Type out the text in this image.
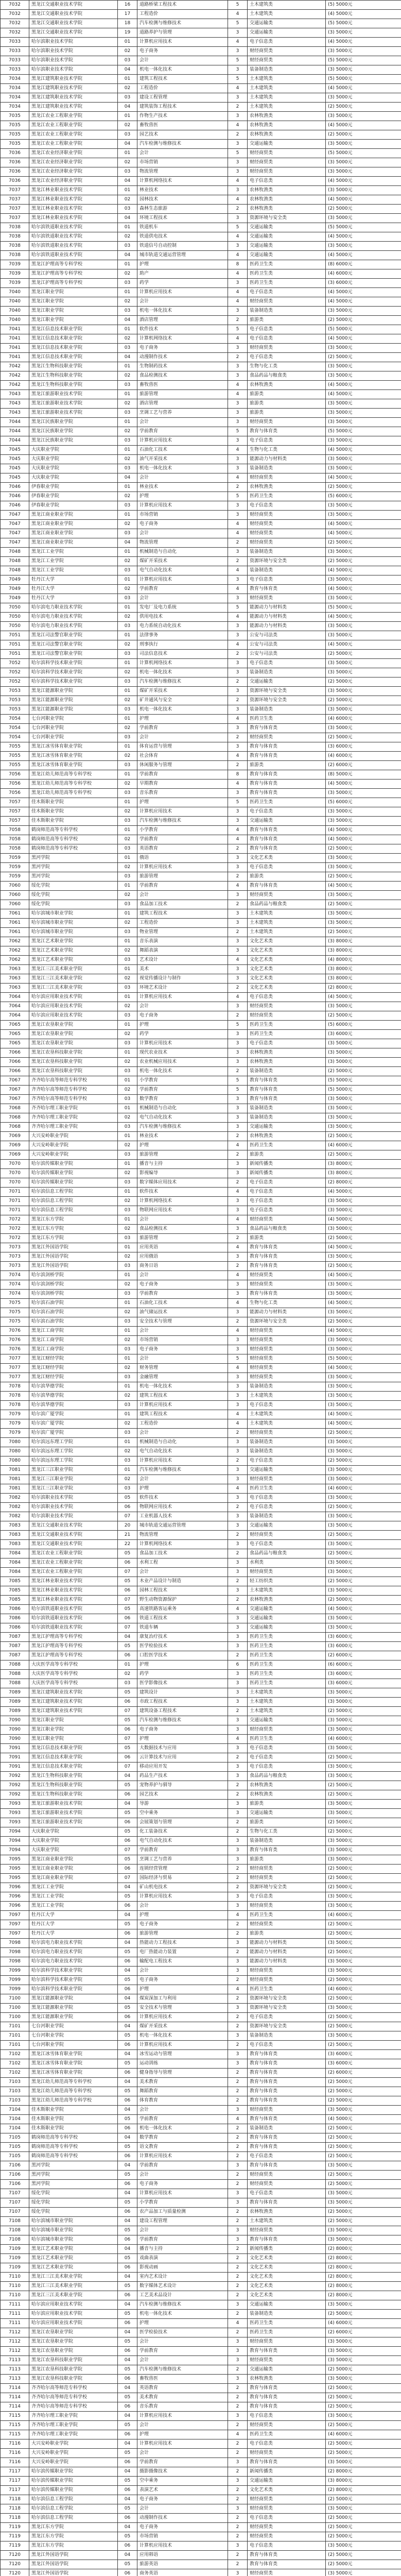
7032	黑龙江交通职业技术学院	16	道路桥梁工程技术	5	土木建筑类	(5) 5000元
7032	黑龙江交通职业技术学院	17	工程造价	4	土木建筑类	(4) 5000元
7032	黑龙江交通职业技术学院	18	汽车检测与维修技术	5	交通运输类	(5) 5000元
7032	黑龙江交通职业技术学院	19	道路养护与管理	3	交通运输类	(3) 5000元
7033	哈尔滨职业技术学院	01	计算机应用技术	4	电子信息类	(4) 5000元
7033	哈尔滨职业技术学院	02	电子商务	3	财经商贸类	(3) 5000元
7033	哈尔滨职业技术学院	03	会计	5	财经商贸类	(5) 5000元
7033	哈尔滨职业技术学院	04	机电一体化技术	3	装备制造类	(3) 5000元
7034	黑龙江建筑职业技术学院	01	建筑工程技术	5	土木建筑类	(5) 5000元
7034	黑龙江建筑职业技术学院	02	工程造价	4	土木建筑类	(4) 5000元
7034	黑龙江建筑职业技术学院	03	建设工程管理	3	土木建筑类	(3) 5000元
7034	黑龙江建筑职业技术学院	04	建筑装饰工程技术	2	土木建筑类	(2) 5000元
7035	黑龙江农业工程职业学院	01	作物生产技术	3	农林牧渔类	(3) 5000元
7035	黑龙江农业工程职业学院	02	畜牧兽医	4	农林牧渔类	(4) 5000元
7035	黑龙江农业工程职业学院	03	园艺技术	2	农林牧渔类	(2) 5000元
7035	黑龙江农业工程职业学院	04	汽车检测与维修技术	3	交通运输类	(3) 5000元
7036	黑龙江农业经济职业学院	01	会计	5	财经商贸类	(5) 5000元
7036	黑龙江农业经济职业学院	02	市场营销	3	财经商贸类	(3) 5000元
7036	黑龙江农业经济职业学院	03	物流管理	3	财经商贸类	(3) 5000元
7036	黑龙江农业经济职业学院	04	计算机网络技术	4	电子信息类	(4) 5000元
7037	黑龙江林业职业技术学院	01	林业技术	3	农林牧渔类	(3) 5000元
7037	黑龙江林业职业技术学院	02	园林技术	4	农林牧渔类	(4) 5000元
7037	黑龙江林业职业技术学院	03	森林生态旅游	2	农林牧渔类	(2) 5000元
7037	黑龙江林业职业技术学院	04	环境工程技术	3	资源环境与安全类	(3) 5000元
7038	哈尔滨铁道职业技术学院	01	铁道机车	5	交通运输类	(5) 5000元
7038	哈尔滨铁道职业技术学院	02	铁道供电技术	4	交通运输类	(4) 5000元
7038	哈尔滨铁道职业技术学院	03	铁道信号自动控制	3	交通运输类	(3) 5000元
7038	哈尔滨铁道职业技术学院	04	城市轨道交通运营管理	4	交通运输类	(4) 5000元
7039	黑龙江护理高等专科学校	01	护理	8	医药卫生类	(8) 6000元
7039	黑龙江护理高等专科学校	02	助产	4	医药卫生类	(4) 6000元
7039	黑龙江护理高等专科学校	03	药学	3	医药卫生类	(3) 6000元
7040	黑龙江职业学院	01	计算机应用技术	4	电子信息类	(4) 5000元
7040	黑龙江职业学院	02	会计	4	财经商贸类	(4) 5000元
7040	黑龙江职业学院	03	机电一体化技术	3	装备制造类	(3) 5000元
7040	黑龙江职业学院	04	酒店管理	2	旅游类	(2) 5000元
7041	黑龙江信息技术职业学院	01	软件技术	5	电子信息类	(5) 5000元
7041	黑龙江信息技术职业学院	02	计算机网络技术	4	电子信息类	(4) 5000元
7041	黑龙江信息技术职业学院	03	电子商务	3	财经商贸类	(3) 5000元
7041	黑龙江信息技术职业学院	04	动漫制作技术	2	电子信息类	(2) 5000元
7042	黑龙江生物科技职业学院	01	生物制药技术	3	生物与化工类	(3) 5000元
7042	黑龙江生物科技职业学院	02	食品检测技术	3	食品药品与粮食类	(3) 5000元
7042	黑龙江生物科技职业学院	03	畜牧兽医	4	农林牧渔类	(4) 5000元
7043	黑龙江旅游职业技术学院	01	旅游管理	4	旅游类	(4) 5000元
7043	黑龙江旅游职业技术学院	02	酒店管理	3	旅游类	(3) 5000元
7043	黑龙江旅游职业技术学院	03	烹调工艺与营养	3	旅游类	(3) 5000元
7044	黑龙江民族职业学院	01	会计	3	财经商贸类	(3) 5000元
7044	黑龙江民族职业学院	02	学前教育	5	教育与体育类	(5) 5000元
7044	黑龙江民族职业学院	03	计算机应用技术	3	电子信息类	(3) 5000元
7045	大庆职业学院	01	石油化工技术	4	生物与化工类	(4) 5000元
7045	大庆职业学院	02	油气开采技术	3	能源动力与材料类	(3) 5000元
7045	大庆职业学院	03	机电一体化技术	3	装备制造类	(3) 5000元
7045	大庆职业学院	04	会计	4	财经商贸类	(4) 5000元
7046	伊春职业学院	01	林业技术	2	农林牧渔类	(2) 5000元
7046	伊春职业学院	02	护理	5	医药卫生类	(5) 6000元
7046	伊春职业学院	03	计算机应用技术	3	电子信息类	(3) 5000元
7047	黑龙江商业职业学院	01	市场营销	3	财经商贸类	(3) 5000元
7047	黑龙江商业职业学院	02	电子商务	4	财经商贸类	(4) 5000元
7047	黑龙江商业职业学院	03	会计	4	财经商贸类	(4) 5000元
7047	黑龙江商业职业学院	04	物流管理	2	财经商贸类	(2) 5000元
7048	黑龙江工业学院	01	机械制造与自动化	3	装备制造类	(3) 5000元
7048	黑龙江工业学院	02	煤矿开采技术	2	资源环境与安全类	(2) 5000元
7048	黑龙江工业学院	03	电气自动化技术	4	装备制造类	(4) 5000元
7049	牡丹江大学	01	计算机应用技术	3	电子信息类	(3) 5000元
7049	牡丹江大学	02	学前教育	4	教育与体育类	(4) 5000元
7049	牡丹江大学	03	会计	3	财经商贸类	(3) 5000元
7050	哈尔滨电力职业技术学院	01	发电厂及电力系统	5	能源动力与材料类	(5) 5000元
7050	哈尔滨电力职业技术学院	02	供用电技术	4	能源动力与材料类	(4) 5000元
7050	哈尔滨电力职业技术学院	03	电力系统自动化技术	3	能源动力与材料类	(3) 5000元
7051	黑龙江司法警官职业学院	01	法律事务	3	公安与司法类	(3) 5000元
7051	黑龙江司法警官职业学院	02	刑事执行	4	公安与司法类	(4) 5000元
7051	黑龙江司法警官职业学院	03	司法信息技术	2	公安与司法类	(2) 5000元
7052	哈尔滨科学技术职业学院	01	计算机网络技术	3	电子信息类	(3) 5000元
7052	哈尔滨科学技术职业学院	02	机电一体化技术	3	装备制造类	(3) 5000元
7052	哈尔滨科学技术职业学院	03	汽车检测与维修技术	2	交通运输类	(2) 5000元
7053	黑龙江能源职业学院	01	煤矿开采技术	3	资源环境与安全类	(3) 5000元
7053	黑龙江能源职业学院	02	矿井通风与安全	2	资源环境与安全类	(2) 5000元
7053	黑龙江能源职业学院	03	机电一体化技术	3	装备制造类	(3) 5000元
7054	七台河职业学院	01	护理	4	医药卫生类	(4) 6000元
7054	七台河职业学院	02	学前教育	3	教育与体育类	(3) 5000元
7054	七台河职业学院	03	会计	2	财经商贸类	(2) 5000元
7055	黑龙江冰雪体育职业学院	01	体育运营与管理	3	教育与体育类	(3) 6000元
7055	黑龙江冰雪体育职业学院	02	社会体育	4	教育与体育类	(4) 6000元
7055	黑龙江冰雪体育职业学院	03	休闲服务与管理	2	旅游类	(2) 6000元
7056	黑龙江幼儿师范高等专科学校	01	学前教育	8	教育与体育类	(8) 5000元
7056	黑龙江幼儿师范高等专科学校	02	早期教育	4	教育与体育类	(4) 5000元
7056	黑龙江幼儿师范高等专科学校	03	音乐教育	3	教育与体育类	(3) 5000元
7057	佳木斯职业学院	01	护理	5	医药卫生类	(5) 6000元
7057	佳木斯职业学院	02	计算机应用技术	3	电子信息类	(3) 5000元
7057	佳木斯职业学院	03	汽车检测与维修技术	3	交通运输类	(3) 5000元
7058	鹤岗师范高等专科学校	01	小学教育	4	教育与体育类	(4) 5000元
7058	鹤岗师范高等专科学校	02	学前教育	4	教育与体育类	(4) 5000元
7058	鹤岗师范高等专科学校	03	英语教育	2	教育与体育类	(2) 5000元
7059	黑河学院	01	俄语	3	文化艺术类	(3) 5000元
7059	黑河学院	02	计算机应用技术	3	电子信息类	(3) 5000元
7059	黑河学院	03	旅游管理	2	旅游类	(2) 5000元
7060	绥化学院	01	学前教育	4	教育与体育类	(4) 5000元
7060	绥化学院	02	会计	3	财经商贸类	(3) 5000元
7060	绥化学院	03	食品加工技术	2	食品药品与粮食类	(2) 5000元
7061	哈尔滨城市职业学院	01	建筑工程技术	3	土木建筑类	(3) 5000元
7061	哈尔滨城市职业学院	02	工程造价	3	土木建筑类	(3) 5000元
7061	哈尔滨城市职业学院	03	物业管理	2	土木建筑类	(2) 5000元
7062	黑龙江艺术职业学院	01	音乐表演	3	文化艺术类	(3) 8000元
7062	黑龙江艺术职业学院	02	舞蹈表演	3	文化艺术类	(3) 8000元
7062	黑龙江艺术职业学院	03	艺术设计	4	文化艺术类	(4) 8000元
7063	黑龙江三江美术职业学院	01	美术	3	文化艺术类	(3) 8000元
7063	黑龙江三江美术职业学院	02	视觉传播设计与制作	3	文化艺术类	(3) 8000元
7063	黑龙江三江美术职业学院	03	环境艺术设计	2	文化艺术类	(2) 8000元
7064	哈尔滨应用职业技术学院	01	计算机应用技术	4	电子信息类	(4) 5000元
7064	哈尔滨应用职业技术学院	02	会计	3	财经商贸类	(3) 5000元
7064	哈尔滨应用职业技术学院	03	电子商务	2	财经商贸类	(2) 5000元
7065	黑龙江农垦职业学院	01	护理	5	医药卫生类	(5) 6000元
7065	黑龙江农垦职业学院	02	药学	3	医药卫生类	(3) 6000元
7065	黑龙江农垦职业学院	03	计算机应用技术	3	电子信息类	(3) 5000元
7066	黑龙江农垦科技职业学院	01	现代农业技术	3	农林牧渔类	(3) 5000元
7066	黑龙江农垦科技职业学院	02	农业机械应用技术	3	农林牧渔类	(3) 5000元
7066	黑龙江农垦科技职业学院	03	机电一体化技术	2	装备制造类	(2) 5000元
7067	齐齐哈尔高等师范专科学校	01	小学教育	5	教育与体育类	(5) 5000元
7067	齐齐哈尔高等师范专科学校	02	学前教育	5	教育与体育类	(5) 5000元
7067	齐齐哈尔高等师范专科学校	03	数学教育	3	教育与体育类	(3) 5000元
7068	齐齐哈尔理工职业学院	01	机械制造与自动化	3	装备制造类	(3) 5000元
7068	齐齐哈尔理工职业学院	02	电气自动化技术	3	装备制造类	(3) 5000元
7068	齐齐哈尔理工职业学院	03	汽车检测与维修技术	3	交通运输类	(3) 5000元
7069	大兴安岭职业学院	01	林业技术	2	农林牧渔类	(2) 5000元
7069	大兴安岭职业学院	02	护理	4	医药卫生类	(4) 6000元
7069	大兴安岭职业学院	03	旅游管理	2	旅游类	(2) 5000元
7070	哈尔滨传媒职业学院	01	播音与主持	3	新闻传播类	(3) 8000元
7070	哈尔滨传媒职业学院	02	影视编导	3	新闻传播类	(3) 8000元
7070	哈尔滨传媒职业学院	03	数字媒体应用技术	2	电子信息类	(2) 8000元
7071	哈尔滨信息工程学院	01	软件技术	4	电子信息类	(4) 5000元
7071	哈尔滨信息工程学院	02	计算机网络技术	3	电子信息类	(3) 5000元
7071	哈尔滨信息工程学院	03	物联网应用技术	3	电子信息类	(3) 5000元
7072	黑龙江东方学院	01	会计	4	财经商贸类	(4) 5000元
7072	黑龙江东方学院	02	食品检测技术	3	食品药品与粮食类	(3) 5000元
7072	黑龙江东方学院	03	旅游管理	2	旅游类	(2) 5000元
7073	黑龙江外国语学院	01	应用英语	4	教育与体育类	(4) 5000元
7073	黑龙江外国语学院	02	应用俄语	3	教育与体育类	(3) 5000元
7073	黑龙江外国语学院	03	商务日语	2	教育与体育类	(2) 5000元
7074	哈尔滨剑桥学院	01	会计	4	财经商贸类	(4) 5000元
7074	哈尔滨剑桥学院	02	电子商务	3	财经商贸类	(3) 5000元
7074	哈尔滨剑桥学院	03	学前教育	3	教育与体育类	(3) 5000元
7075	哈尔滨石油学院	01	石油化工技术	4	生物与化工类	(4) 5000元
7075	哈尔滨石油学院	02	油气储运技术	3	能源动力与材料类	(3) 5000元
7075	哈尔滨石油学院	03	安全技术与管理	2	资源环境与安全类	(2) 5000元
7076	黑龙江工商学院	01	会计	4	财经商贸类	(4) 5000元
7076	黑龙江工商学院	02	市场营销	3	财经商贸类	(3) 5000元
7076	黑龙江工商学院	03	电子商务	3	财经商贸类	(3) 5000元
7077	黑龙江财经学院	01	会计	5	财经商贸类	(5) 5000元
7077	黑龙江财经学院	02	财务管理	4	财经商贸类	(4) 5000元
7077	黑龙江财经学院	03	金融管理	3	财经商贸类	(3) 5000元
7078	哈尔滨华德学院	01	机电一体化技术	3	装备制造类	(3) 5000元
7078	哈尔滨华德学院	02	建筑工程技术	3	土木建筑类	(3) 5000元
7078	哈尔滨华德学院	03	计算机应用技术	3	电子信息类	(3) 5000元
7079	哈尔滨广厦学院	01	建筑工程技术	4	土木建筑类	(4) 5000元
7079	哈尔滨广厦学院	02	工程造价	4	土木建筑类	(4) 5000元
7079	哈尔滨广厦学院	03	会计	2	财经商贸类	(2) 5000元
7080	哈尔滨远东理工学院	01	机械制造与自动化	3	装备制造类	(3) 5000元
7080	哈尔滨远东理工学院	02	电气自动化技术	3	装备制造类	(3) 5000元
7080	哈尔滨远东理工学院	03	计算机应用技术	2	电子信息类	(2) 5000元
7081	黑龙江三江职业学院	01	汽车检测与维修技术	3	交通运输类	(3) 5000元
7081	黑龙江三江职业学院	02	会计	3	财经商贸类	(3) 5000元
7081	黑龙江三江职业学院	03	护理	4	医药卫生类	(4) 6000元
7082	哈尔滨职业技术学院	05	软件技术	3	电子信息类	(3) 5000元
7082	哈尔滨职业技术学院	06	物联网应用技术	2	电子信息类	(2) 5000元
7082	哈尔滨职业技术学院	07	工业机器人技术	3	装备制造类	(3) 5000元
7083	黑龙江交通职业技术学院	20	城市轨道交通运营管理	3	交通运输类	(3) 5000元
7083	黑龙江交通职业技术学院	21	物流管理	2	财经商贸类	(2) 5000元
7083	黑龙江交通职业技术学院	22	计算机网络技术	3	电子信息类	(3) 5000元
7084	黑龙江农业工程职业学院	05	食品加工技术	2	食品药品与粮食类	(2) 5000元
7084	黑龙江农业工程职业学院	06	水利工程	3	水利类	(3) 5000元
7084	黑龙江农业工程职业学院	07	会计	3	财经商贸类	(3) 5000元
7085	黑龙江林业职业技术学院	05	木业产品设计与制造	2	轻工纺织类	(2) 5000元
7085	黑龙江林业职业技术学院	06	园林工程技术	3	土木建筑类	(3) 5000元
7085	黑龙江林业职业技术学院	07	野生动物资源保护	2	农林牧渔类	(2) 5000元
7086	哈尔滨铁道职业技术学院	05	高速铁路客运乘务	4	交通运输类	(4) 5000元
7086	哈尔滨铁道职业技术学院	06	铁道工程技术	3	交通运输类	(3) 5000元
7086	哈尔滨铁道职业技术学院	07	铁道车辆	3	交通运输类	(3) 5000元
7087	黑龙江护理高等专科学校	04	康复治疗技术	3	医药卫生类	(3) 6000元
7087	黑龙江护理高等专科学校	05	医学检验技术	3	医药卫生类	(3) 6000元
7087	黑龙江护理高等专科学校	06	口腔医学技术	2	医药卫生类	(2) 6000元
7088	大庆医学高等专科学校	01	护理	6	医药卫生类	(6) 6000元
7088	大庆医学高等专科学校	02	药学	3	医药卫生类	(3) 6000元
7088	大庆医学高等专科学校	03	医学影像技术	3	医药卫生类	(3) 6000元
7089	黑龙江建筑职业技术学院	05	建筑设计	3	土木建筑类	(3) 5000元
7089	黑龙江建筑职业技术学院	06	市政工程技术	3	土木建筑类	(3) 5000元
7089	黑龙江建筑职业技术学院	07	建筑设备工程技术	2	土木建筑类	(2) 5000元
7090	黑龙江职业学院	05	汽车检测与维修技术	3	交通运输类	(3) 5000元
7090	黑龙江职业学院	06	电子商务	3	财经商贸类	(3) 5000元
7090	黑龙江职业学院	07	护理	4	医药卫生类	(4) 6000元
7091	黑龙江信息技术职业学院	05	大数据技术与应用	3	电子信息类	(3) 5000元
7091	黑龙江信息技术职业学院	06	云计算技术与应用	2	电子信息类	(2) 5000元
7091	黑龙江信息技术职业学院	07	移动应用开发	3	电子信息类	(3) 5000元
7092	黑龙江生物科技职业学院	04	药品生产技术	3	食品药品与粮食类	(3) 5000元
7092	黑龙江生物科技职业学院	05	宠物养护与驯导	2	农林牧渔类	(2) 5000元
7092	黑龙江生物科技职业学院	06	园艺技术	2	农林牧渔类	(2) 5000元
7093	黑龙江旅游职业技术学院	04	导游	3	旅游类	(3) 5000元
7093	黑龙江旅游职业技术学院	05	空中乘务	3	交通运输类	(3) 5000元
7093	黑龙江旅游职业技术学院	06	会展策划与管理	2	旅游类	(2) 5000元
7094	大庆职业学院	05	化工装备技术	2	生物与化工类	(2) 5000元
7094	大庆职业学院	06	电气自动化技术	3	装备制造类	(3) 5000元
7094	大庆职业学院	07	学前教育	3	教育与体育类	(3) 5000元
7095	黑龙江商业职业学院	05	烹调工艺与营养	3	旅游类	(3) 5000元
7095	黑龙江商业职业学院	06	连锁经营管理	2	财经商贸类	(2) 5000元
7095	黑龙江商业职业学院	07	国际经济与贸易	2	财经商贸类	(2) 5000元
7096	黑龙江工业学院	04	矿山机电技术	2	资源环境与安全类	(2) 5000元
7096	黑龙江工业学院	05	计算机应用技术	3	电子信息类	(3) 5000元
7096	黑龙江工业学院	06	会计	3	财经商贸类	(3) 5000元
7097	牡丹江大学	04	护理	4	医药卫生类	(4) 6000元
7097	牡丹江大学	05	电子商务	2	财经商贸类	(2) 5000元
7097	牡丹江大学	06	旅游管理	2	旅游类	(2) 5000元
7098	哈尔滨电力职业技术学院	04	热能动力工程技术	3	能源动力与材料类	(3) 5000元
7098	哈尔滨电力职业技术学院	05	电厂热能动力装置	2	能源动力与材料类	(2) 5000元
7098	哈尔滨电力职业技术学院	06	输配电工程技术	3	能源动力与材料类	(3) 5000元
7099	哈尔滨科学技术职业学院	04	会计	3	财经商贸类	(3) 5000元
7099	哈尔滨科学技术职业学院	05	电子商务	2	财经商贸类	(2) 5000元
7099	哈尔滨科学技术职业学院	06	护理	4	医药卫生类	(4) 6000元
7100	黑龙江能源职业学院	04	煤炭深加工与利用	2	资源环境与安全类	(2) 5000元
7100	黑龙江能源职业学院	05	安全技术与管理	3	资源环境与安全类	(3) 5000元
7100	黑龙江能源职业学院	06	计算机应用技术	2	电子信息类	(2) 5000元
7101	七台河职业学院	04	煤矿开采技术	2	资源环境与安全类	(2) 5000元
7101	七台河职业学院	05	机电一体化技术	3	装备制造类	(3) 5000元
7101	七台河职业学院	06	计算机应用技术	2	电子信息类	(2) 5000元
7102	黑龙江冰雪体育职业学院	04	冰雪运动与管理	3	教育与体育类	(3) 6000元
7102	黑龙江冰雪体育职业学院	05	运动训练	3	教育与体育类	(3) 6000元
7102	黑龙江冰雪体育职业学院	06	健身指导与管理	2	教育与体育类	(2) 6000元
7103	黑龙江幼儿师范高等专科学校	04	美术教育	2	教育与体育类	(2) 5000元
7103	黑龙江幼儿师范高等专科学校	05	舞蹈教育	2	教育与体育类	(2) 5000元
7103	黑龙江幼儿师范高等专科学校	06	体育教育	2	教育与体育类	(2) 5000元
7104	佳木斯职业学院	04	会计	3	财经商贸类	(3) 5000元
7104	佳木斯职业学院	05	学前教育	4	教育与体育类	(4) 5000元
7104	佳木斯职业学院	06	机电一体化技术	2	装备制造类	(2) 5000元
7105	鹤岗师范高等专科学校	04	数学教育	2	教育与体育类	(2) 5000元
7105	鹤岗师范高等专科学校	05	语文教育	2	教育与体育类	(2) 5000元
7105	鹤岗师范高等专科学校	06	计算机应用技术	2	电子信息类	(2) 5000元
7106	黑河学院	04	学前教育	3	教育与体育类	(3) 5000元
7106	黑河学院	05	会计	2	财经商贸类	(2) 5000元
7106	黑河学院	06	电子商务	2	财经商贸类	(2) 5000元
7107	绥化学院	04	计算机应用技术	3	电子信息类	(3) 5000元
7107	绥化学院	05	小学教育	3	教育与体育类	(3) 5000元
7107	绥化学院	06	农产品加工与质量检测	2	农林牧渔类	(2) 5000元
7108	哈尔滨城市职业学院	04	建设工程管理	2	土木建筑类	(2) 5000元
7108	哈尔滨城市职业学院	05	会计	3	财经商贸类	(3) 5000元
7108	哈尔滨城市职业学院	06	学前教育	3	教育与体育类	(3) 5000元
7109	黑龙江艺术职业学院	04	播音与主持	2	新闻传播类	(2) 8000元
7109	黑龙江艺术职业学院	05	戏曲表演	2	文化艺术类	(2) 8000元
7109	黑龙江艺术职业学院	06	影视动画	2	文化艺术类	(2) 8000元
7110	黑龙江三江美术职业学院	04	室内艺术设计	2	文化艺术类	(2) 8000元
7110	黑龙江三江美术职业学院	05	数字媒体艺术设计	2	文化艺术类	(2) 8000元
7110	黑龙江三江美术职业学院	06	工艺美术品设计	2	文化艺术类	(2) 8000元
7111	哈尔滨应用职业技术学院	04	汽车检测与维修技术	3	交通运输类	(3) 5000元
7111	哈尔滨应用职业技术学院	05	机电一体化技术	2	装备制造类	(2) 5000元
7111	哈尔滨应用职业技术学院	06	护理	4	医药卫生类	(4) 6000元
7112	黑龙江农垦职业学院	04	医学检验技术	2	医药卫生类	(2) 6000元
7112	黑龙江农垦职业学院	05	会计	3	财经商贸类	(3) 5000元
7112	黑龙江农垦职业学院	06	学前教育	3	教育与体育类	(3) 5000元
7113	黑龙江农垦科技职业学院	04	会计	3	财经商贸类	(3) 5000元
7113	黑龙江农垦科技职业学院	05	汽车检测与维修技术	2	交通运输类	(2) 5000元
7113	黑龙江农垦科技职业学院	06	畜牧兽医	3	农林牧渔类	(3) 5000元
7114	齐齐哈尔高等师范专科学校	04	英语教育	2	教育与体育类	(2) 5000元
7114	齐齐哈尔高等师范专科学校	05	美术教育	2	教育与体育类	(2) 5000元
7114	齐齐哈尔高等师范专科学校	06	音乐教育	2	教育与体育类	(2) 5000元
7115	齐齐哈尔理工职业学院	04	计算机应用技术	3	电子信息类	(3) 5000元
7115	齐齐哈尔理工职业学院	05	会计	2	财经商贸类	(2) 5000元
7115	齐齐哈尔理工职业学院	06	护理	4	医药卫生类	(4) 6000元
7116	大兴安岭职业学院	04	计算机应用技术	2	电子信息类	(2) 5000元
7116	大兴安岭职业学院	05	会计	2	财经商贸类	(2) 5000元
7116	大兴安岭职业学院	06	学前教育	3	教育与体育类	(3) 5000元
7117	哈尔滨传媒职业学院	04	摄影摄像技术	2	新闻传播类	(2) 8000元
7117	哈尔滨传媒职业学院	05	空中乘务	3	交通运输类	(3) 8000元
7117	哈尔滨传媒职业学院	06	表演艺术	2	文化艺术类	(2) 8000元
7118	哈尔滨信息工程学院	04	电子商务	2	财经商贸类	(2) 5000元
7118	哈尔滨信息工程学院	05	会计	3	财经商贸类	(3) 5000元
7118	哈尔滨信息工程学院	06	动漫制作技术	2	电子信息类	(2) 5000元
7119	黑龙江东方学院	04	电子商务	2	财经商贸类	(2) 5000元
7119	黑龙江东方学院	05	市场营销	2	财经商贸类	(2) 5000元
7119	黑龙江东方学院	06	计算机应用技术	3	电子信息类	(3) 5000元
7120	黑龙江外国语学院	04	应用韩语	2	教育与体育类	(2) 5000元
7120	黑龙江外国语学院	05	旅游英语	2	教育与体育类	(2) 5000元
7120	黑龙江外国语学院	06	商务英语	3	财经商贸类	(3) 5000元
